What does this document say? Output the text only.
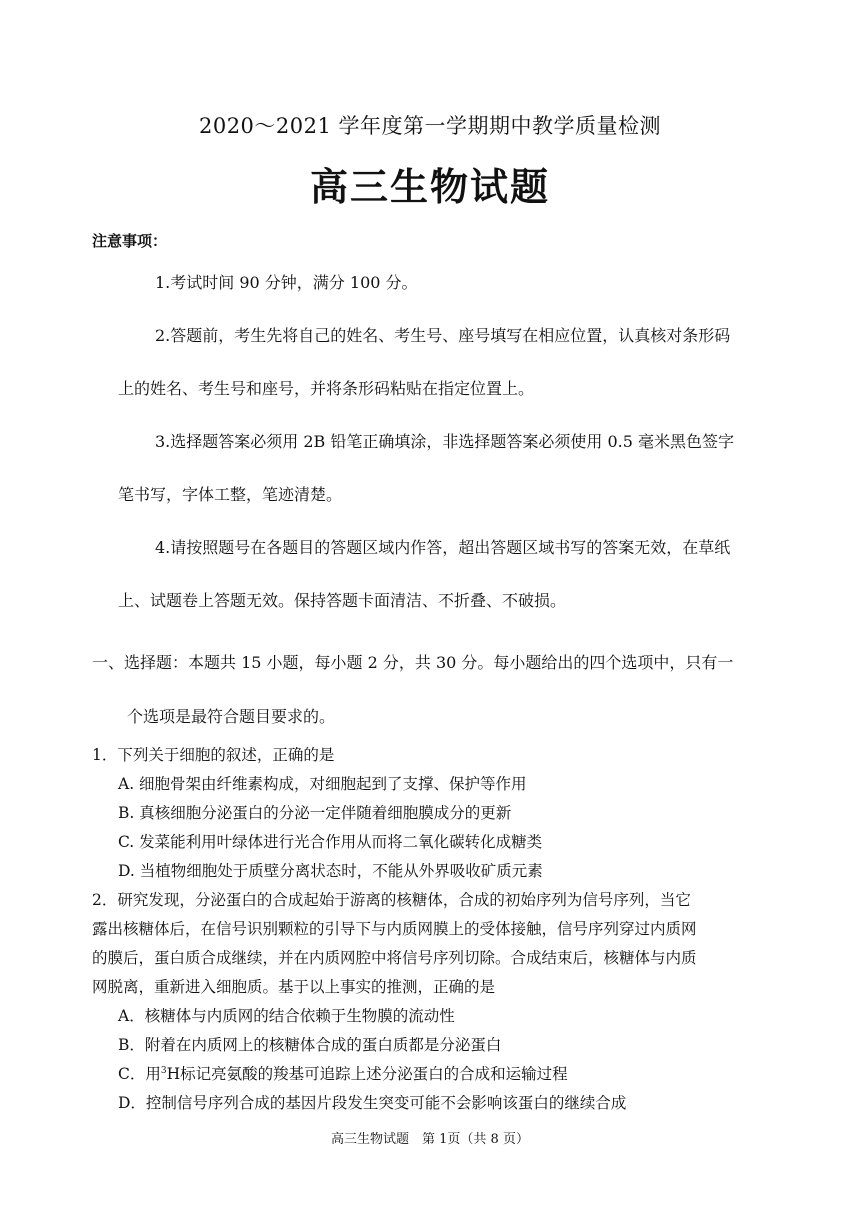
2020～2021 学年度第一学期期中教学质量检测
高三生物试题
注意事项：
1.考试时间 90 分钟，满分 100 分。
2.答题前，考生先将自己的姓名、考生号、座号填写在相应位置，认真核对条形码
上的姓名、考生号和座号，并将条形码粘贴在指定位置上。
3.选择题答案必须用 2B 铅笔正确填涂，非选择题答案必须使用 0.5 毫米黑色签字
笔书写，字体工整，笔迹清楚。
4.请按照题号在各题目的答题区域内作答，超出答题区域书写的答案无效，在草纸
上、试题卷上答题无效。保持答题卡面清洁、不折叠、不破损。
一、选择题：本题共 15 小题，每小题 2 分，共 30 分。每小题给出的四个选项中，只有一
个选项是最符合题目要求的。
1．下列关于细胞的叙述，正确的是
A. 细胞骨架由纤维素构成，对细胞起到了支撑、保护等作用
B. 真核细胞分泌蛋白的分泌一定伴随着细胞膜成分的更新
C. 发菜能利用叶绿体进行光合作用从而将二氧化碳转化成糖类
D. 当植物细胞处于质壁分离状态时，不能从外界吸收矿质元素
2．研究发现，分泌蛋白的合成起始于游离的核糖体，合成的初始序列为信号序列，当它
露出核糖体后，在信号识别颗粒的引导下与内质网膜上的受体接触，信号序列穿过内质网
的膜后，蛋白质合成继续，并在内质网腔中将信号序列切除。合成结束后，核糖体与内质
网脱离，重新进入细胞质。基于以上事实的推测，正确的是
A．核糖体与内质网的结合依赖于生物膜的流动性
B．附着在内质网上的核糖体合成的蛋白质都是分泌蛋白
C．用$^3$H标记亮氨酸的羧基可追踪上述分泌蛋白的合成和运输过程
D．控制信号序列合成的基因片段发生突变可能不会影响该蛋白的继续合成
高三生物试题　第 1页（共 8 页）
